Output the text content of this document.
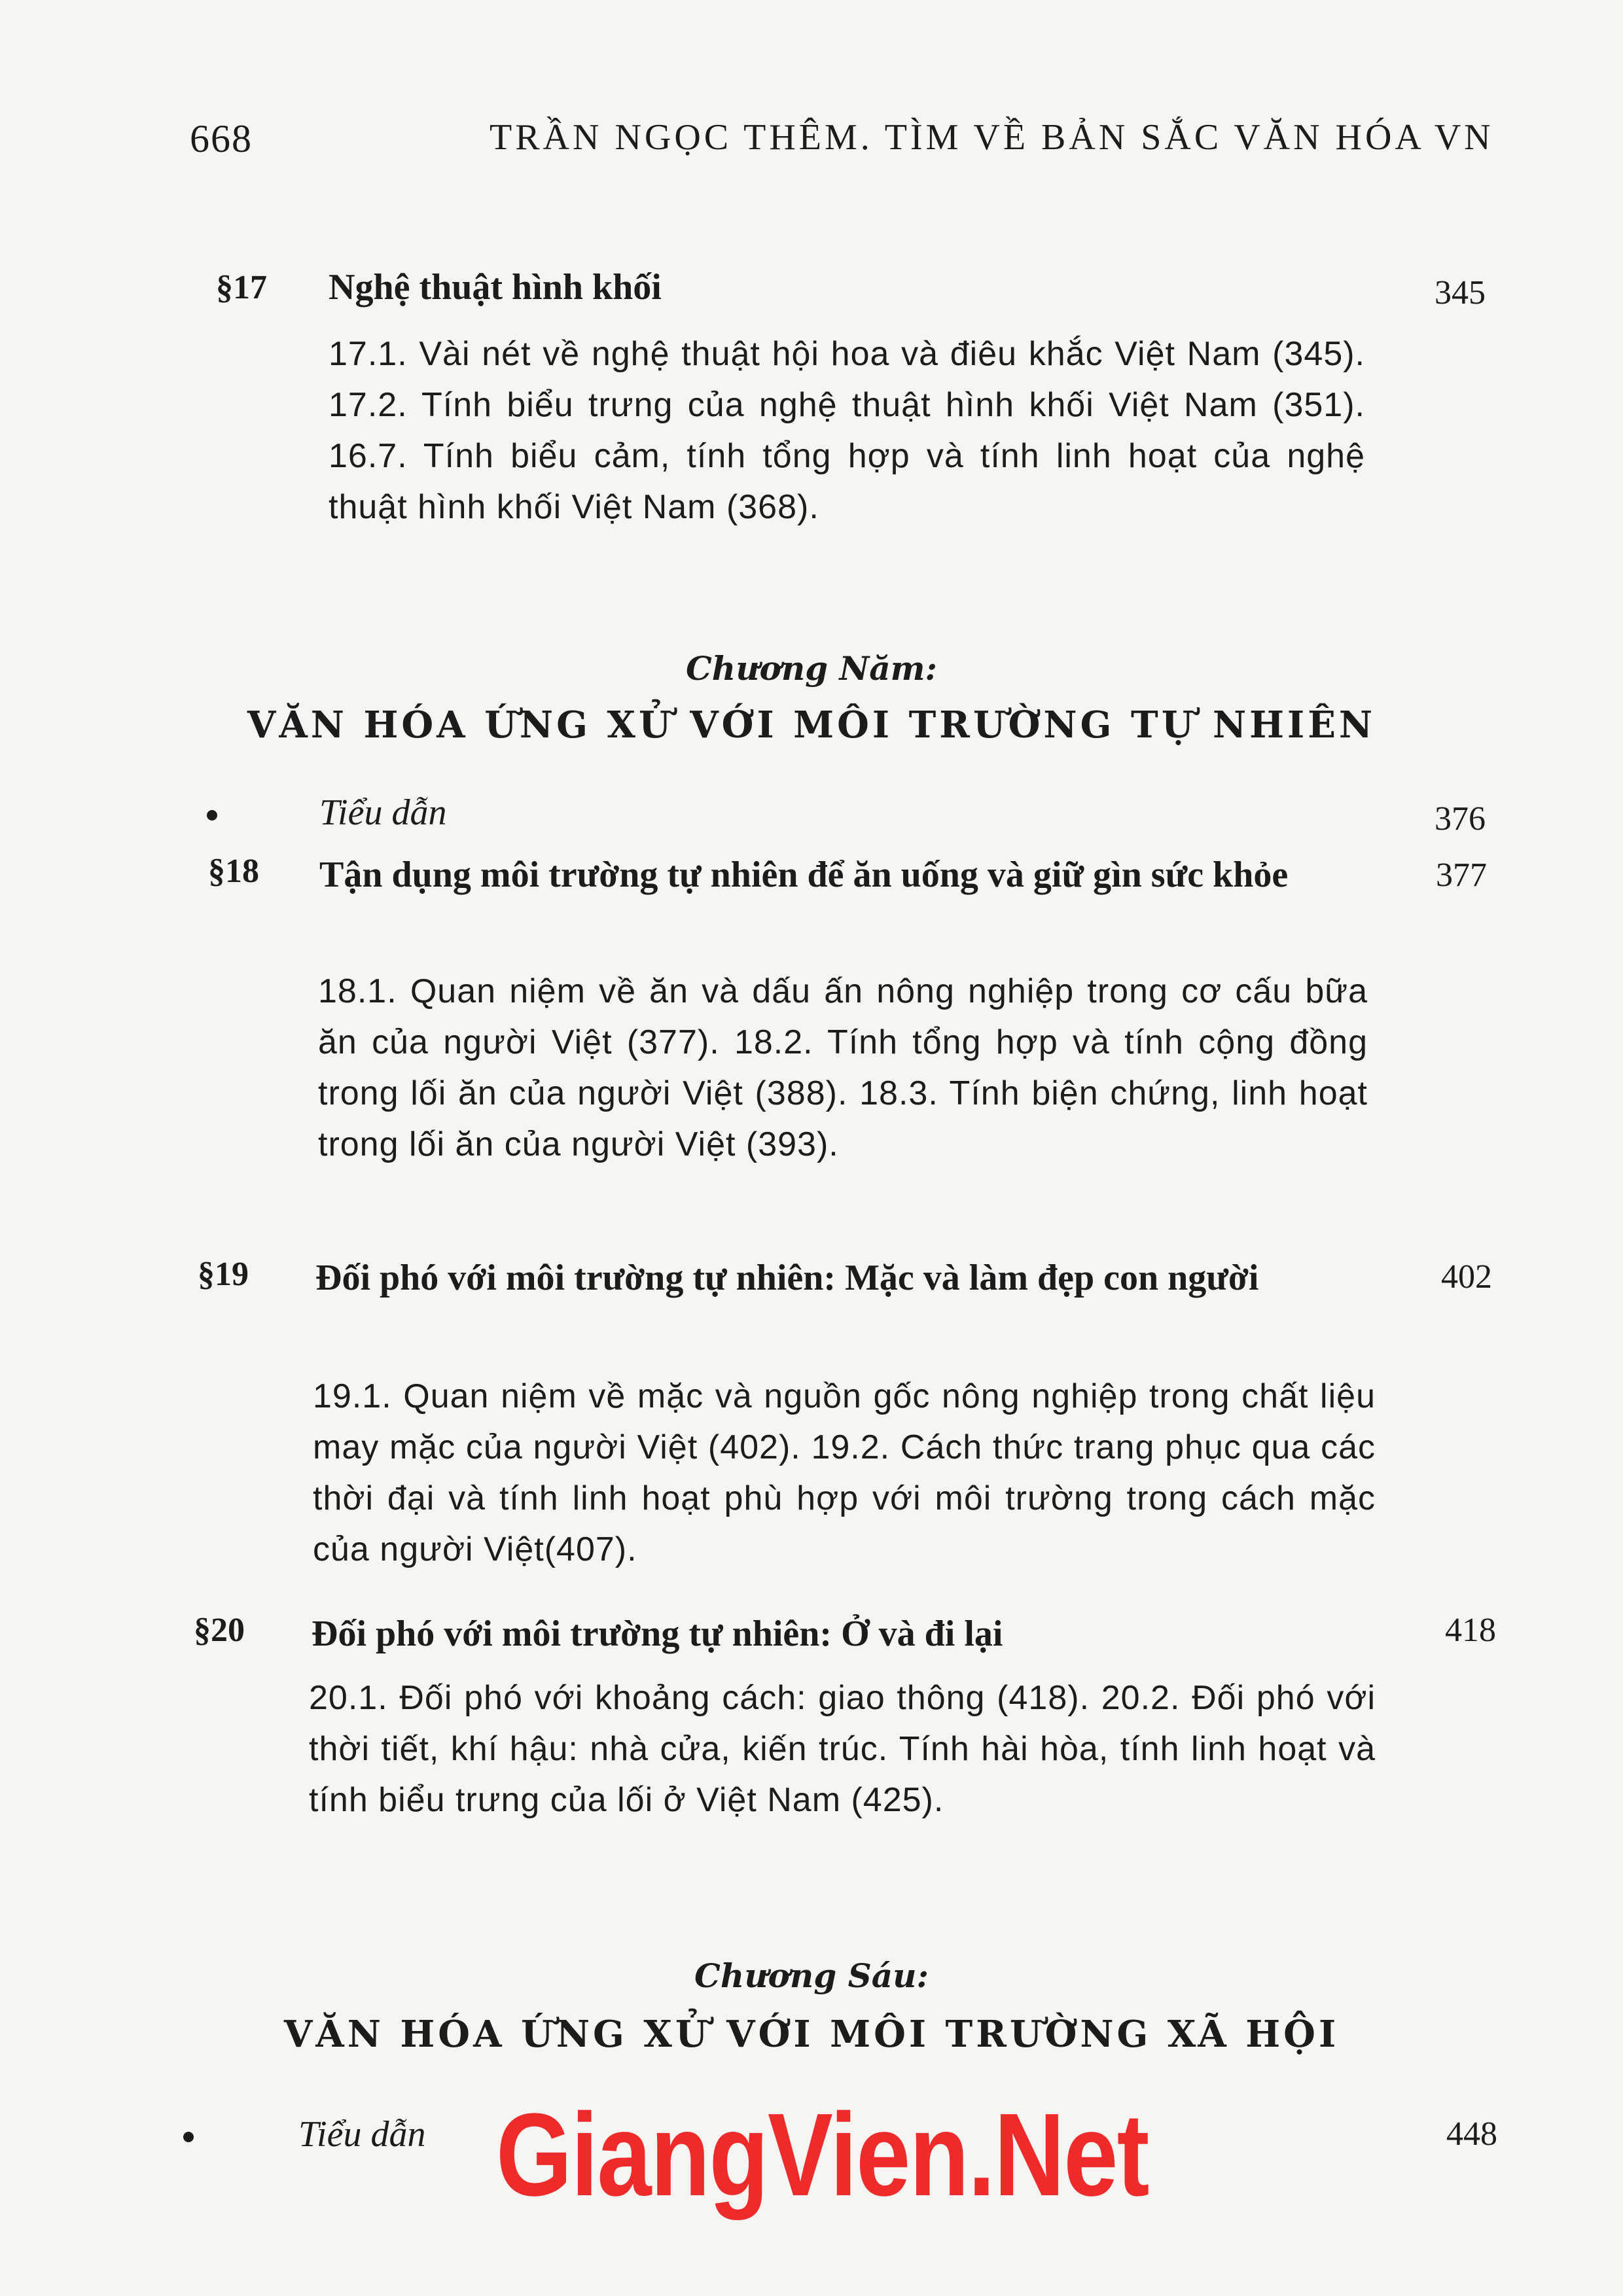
668	TRẦN NGỌC THÊM. TÌM VỀ BẢN SẮC VĂN HÓA VN
§17 Nghệ thuật hình khối	345
17.1. Vài nét về nghệ thuật hội hoa và điêu khắc Việt Nam (345). 17.2. Tính biểu trưng của nghệ thuật hình khối Việt Nam (351). 16.7. Tính biểu cảm, tính tổng hợp và tính linh hoạt của nghệ thuật hình khối Việt Nam (368).
Chương Năm:
VĂN HÓA ỨNG XỬ VỚI MÔI TRƯỜNG TỰ NHIÊN
Tiểu dẫn	376
§18 Tận dụng môi trường tự nhiên để ăn uống và giữ gìn sức khỏe	377
18.1. Quan niệm về ăn và dấu ấn nông nghiệp trong cơ cấu bữa ăn của người Việt (377). 18.2. Tính tổng hợp và tính cộng đồng trong lối ăn của người Việt (388). 18.3. Tính biện chứng, linh hoạt trong lối ăn của người Việt (393).
§19 Đối phó với môi trường tự nhiên: Mặc và làm đẹp con người	402
19.1. Quan niệm về mặc và nguồn gốc nông nghiệp trong chất liệu may mặc của người Việt (402). 19.2. Cách thức trang phục qua các thời đại và tính linh hoạt phù hợp với môi trường trong cách mặc của người Việt(407).
§20 Đối phó với môi trường tự nhiên: Ở và đi lại	418
20.1. Đối phó với khoảng cách: giao thông (418). 20.2. Đối phó với thời tiết, khí hậu: nhà cửa, kiến trúc. Tính hài hòa, tính linh hoạt và tính biểu trưng của lối ở Việt Nam (425).
Chương Sáu:
VĂN HÓA ỨNG XỬ VỚI MÔI TRƯỜNG XÃ HỘI
Tiểu dẫn	448
GiangVien.Net
